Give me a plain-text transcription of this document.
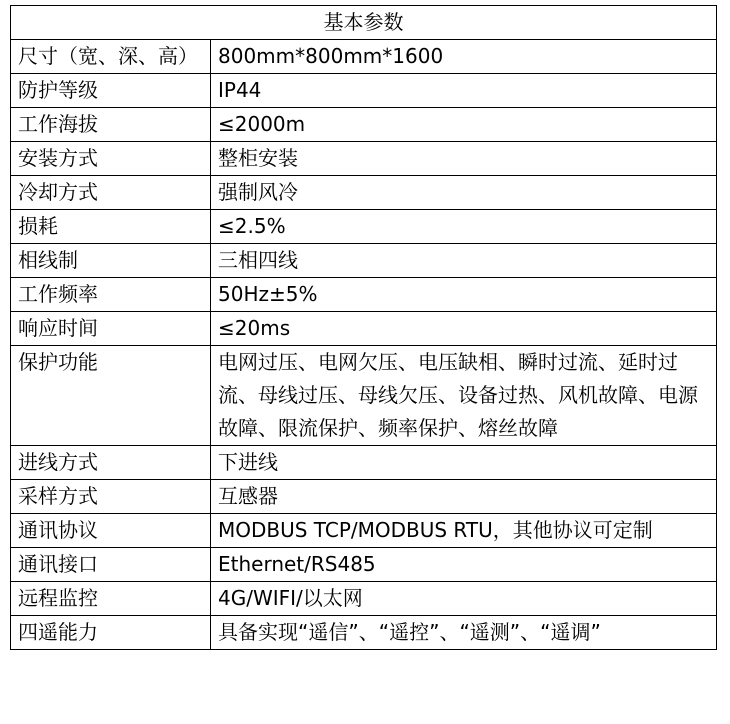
基本参数	
尺寸（宽、深、高）	800mm*800mm*1600
防护等级	IP44
工作海拔	≤2000m
安装方式	整柜安装
冷却方式	强制风冷
损耗	≤2.5%
相线制	三相四线
工作频率	50Hz±5%
响应时间	≤20ms
保护功能	电网过压、电网欠压、电压缺相、瞬时过流、延时过流、母线过压、母线欠压、设备过热、风机故障、电源故障、限流保护、频率保护、熔丝故障
进线方式	下进线
采样方式	互感器
通讯协议	MODBUS TCP/MODBUS RTU，其他协议可定制
通讯接口	Ethernet/RS485
远程监控	4G/WIFI/以太网
四遥能力	具备实现“遥信”、“遥控”、“遥测”、“遥调”
